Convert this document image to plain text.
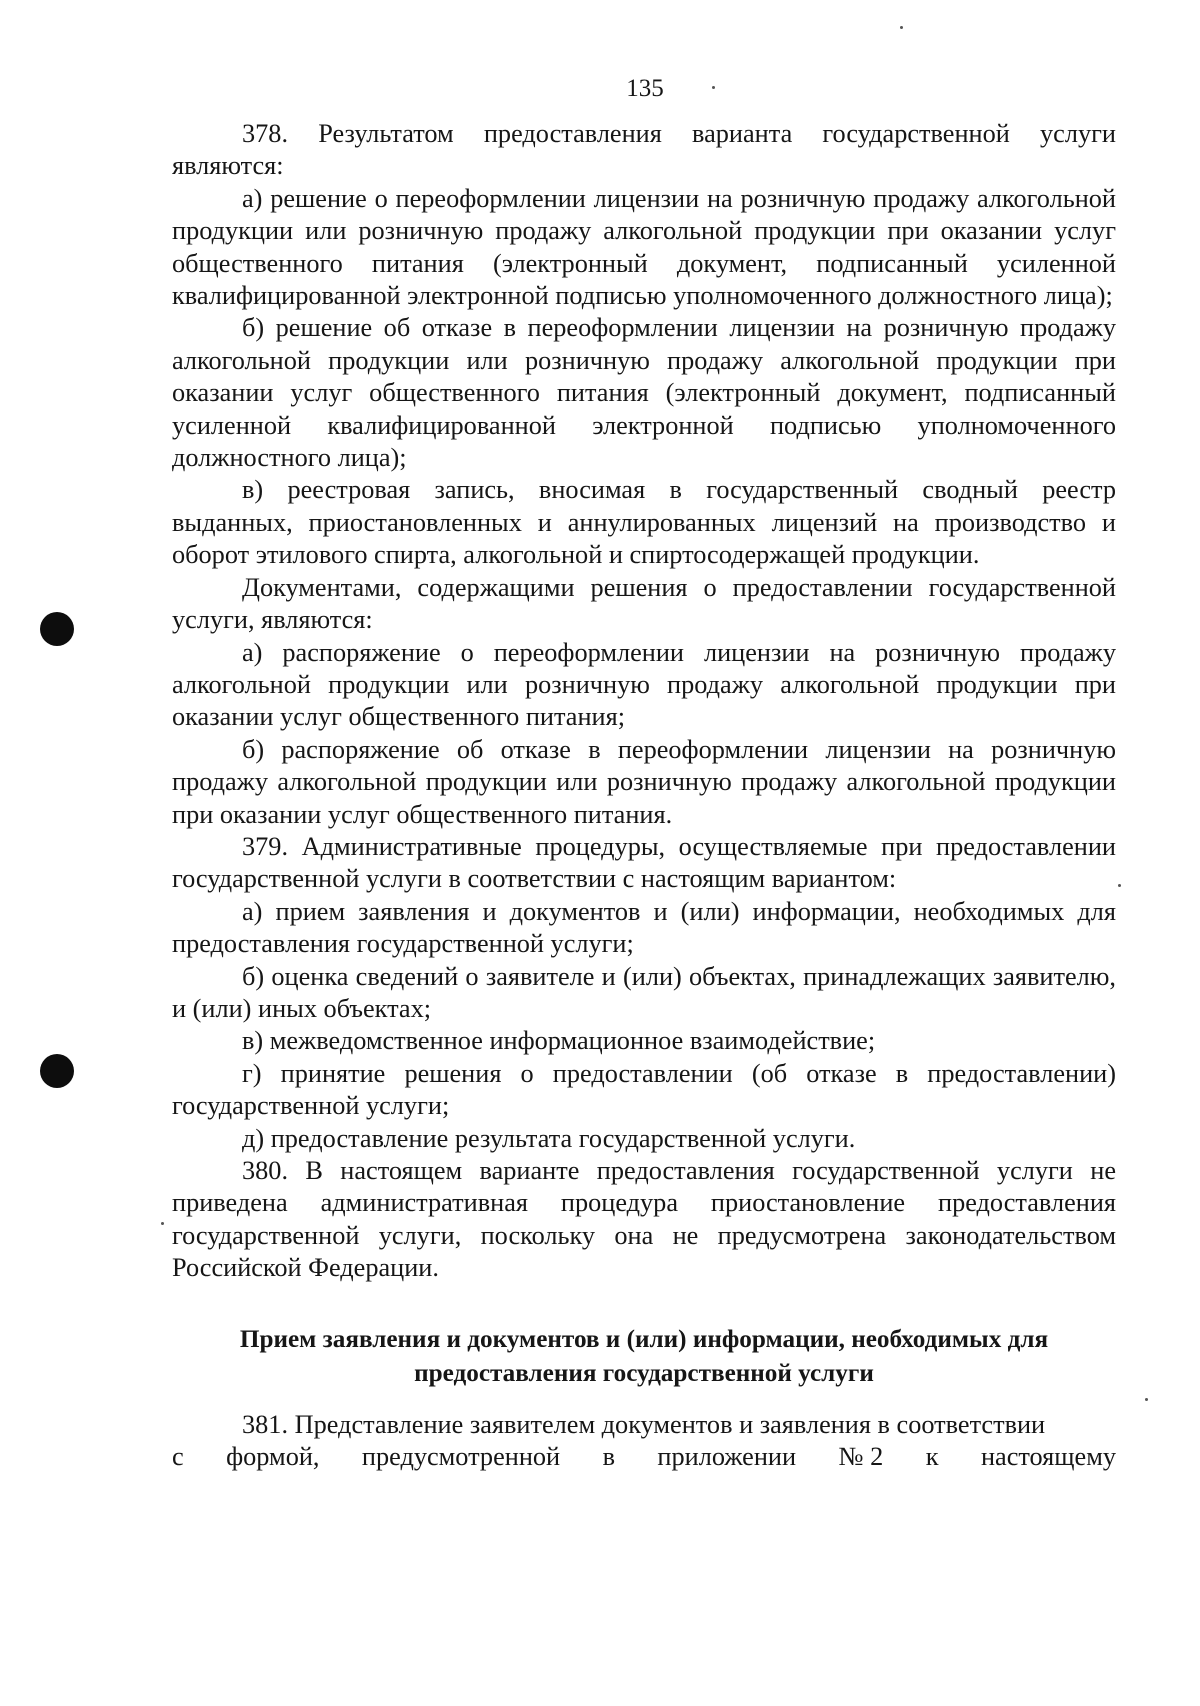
135

378. Результатом предоставления варианта государственной услуги являются:

а) решение о переоформлении лицензии на розничную продажу алкогольной продукции или розничную продажу алкогольной продукции при оказании услуг общественного питания (электронный документ, подписанный усиленной квалифицированной электронной подписью уполномоченного должностного лица);

б) решение об отказе в переоформлении лицензии на розничную продажу алкогольной продукции или розничную продажу алкогольной продукции при оказании услуг общественного питания (электронный документ, подписанный усиленной квалифицированной электронной подписью уполномоченного должностного лица);

в) реестровая запись, вносимая в государственный сводный реестр выданных, приостановленных и аннулированных лицензий на производство и оборот этилового спирта, алкогольной и спиртосодержащей продукции.

Документами, содержащими решения о предоставлении государственной услуги, являются:

а) распоряжение о переоформлении лицензии на розничную продажу алкогольной продукции или розничную продажу алкогольной продукции при оказании услуг общественного питания;

б) распоряжение об отказе в переоформлении лицензии на розничную продажу алкогольной продукции или розничную продажу алкогольной продукции при оказании услуг общественного питания.

379. Административные процедуры, осуществляемые при предоставлении государственной услуги в соответствии с настоящим вариантом:

а) прием заявления и документов и (или) информации, необходимых для предоставления государственной услуги;

б) оценка сведений о заявителе и (или) объектах, принадлежащих заявителю, и (или) иных объектах;

в) межведомственное информационное взаимодействие;

г) принятие решения о предоставлении (об отказе в предоставлении) государственной услуги;

д) предоставление результата государственной услуги.

380. В настоящем варианте предоставления государственной услуги не приведена административная процедура приостановление предоставления государственной услуги, поскольку она не предусмотрена законодательством Российской Федерации.

Прием заявления и документов и (или) информации, необходимых для
предоставления государственной услуги

381. Представление заявителем документов и заявления в соответствии

с формой, предусмотренной в приложении № 2 к настоящему
